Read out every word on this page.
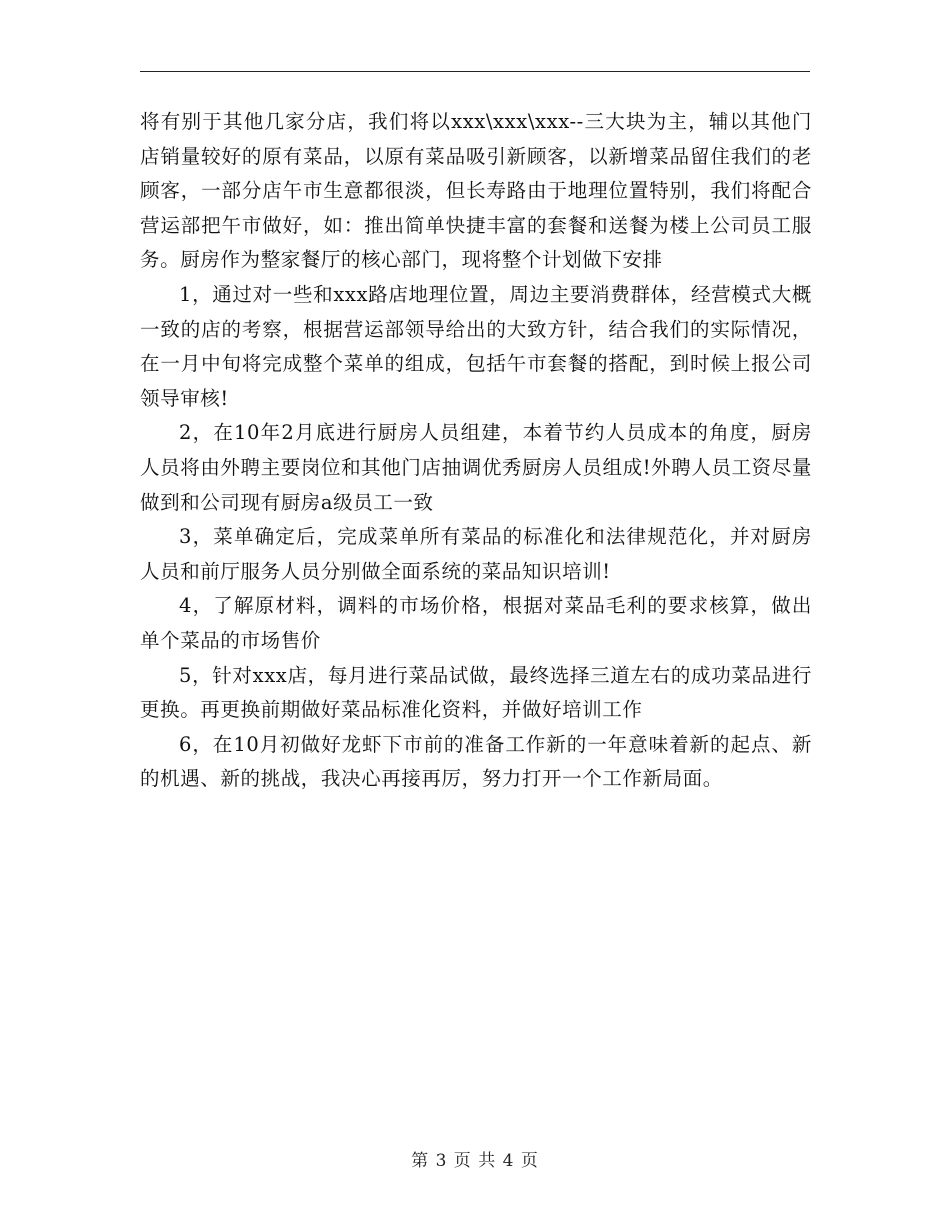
将有别于其他几家分店，我们将以xxx\xxx\xxx--三大块为主，辅以其他门店销量较好的原有菜品，以原有菜品吸引新顾客，以新增菜品留住我们的老顾客，一部分店午市生意都很淡，但长寿路由于地理位置特别，我们将配合营运部把午市做好，如：推出简单快捷丰富的套餐和送餐为楼上公司员工服务。厨房作为整家餐厅的核心部门，现将整个计划做下安排

1，通过对一些和xxx路店地理位置，周边主要消费群体，经营模式大概一致的店的考察，根据营运部领导给出的大致方针，结合我们的实际情况，在一月中旬将完成整个菜单的组成，包括午市套餐的搭配，到时候上报公司领导审核!

2，在10年2月底进行厨房人员组建，本着节约人员成本的角度，厨房人员将由外聘主要岗位和其他门店抽调优秀厨房人员组成!外聘人员工资尽量做到和公司现有厨房a级员工一致

3，菜单确定后，完成菜单所有菜品的标准化和法律规范化，并对厨房人员和前厅服务人员分别做全面系统的菜品知识培训!

4，了解原材料，调料的市场价格，根据对菜品毛利的要求核算，做出单个菜品的市场售价

5，针对xxx店，每月进行菜品试做，最终选择三道左右的成功菜品进行更换。再更换前期做好菜品标准化资料，并做好培训工作

6，在10月初做好龙虾下市前的准备工作新的一年意味着新的起点、新的机遇、新的挑战，我决心再接再厉，努力打开一个工作新局面。

第 3 页 共 4 页
